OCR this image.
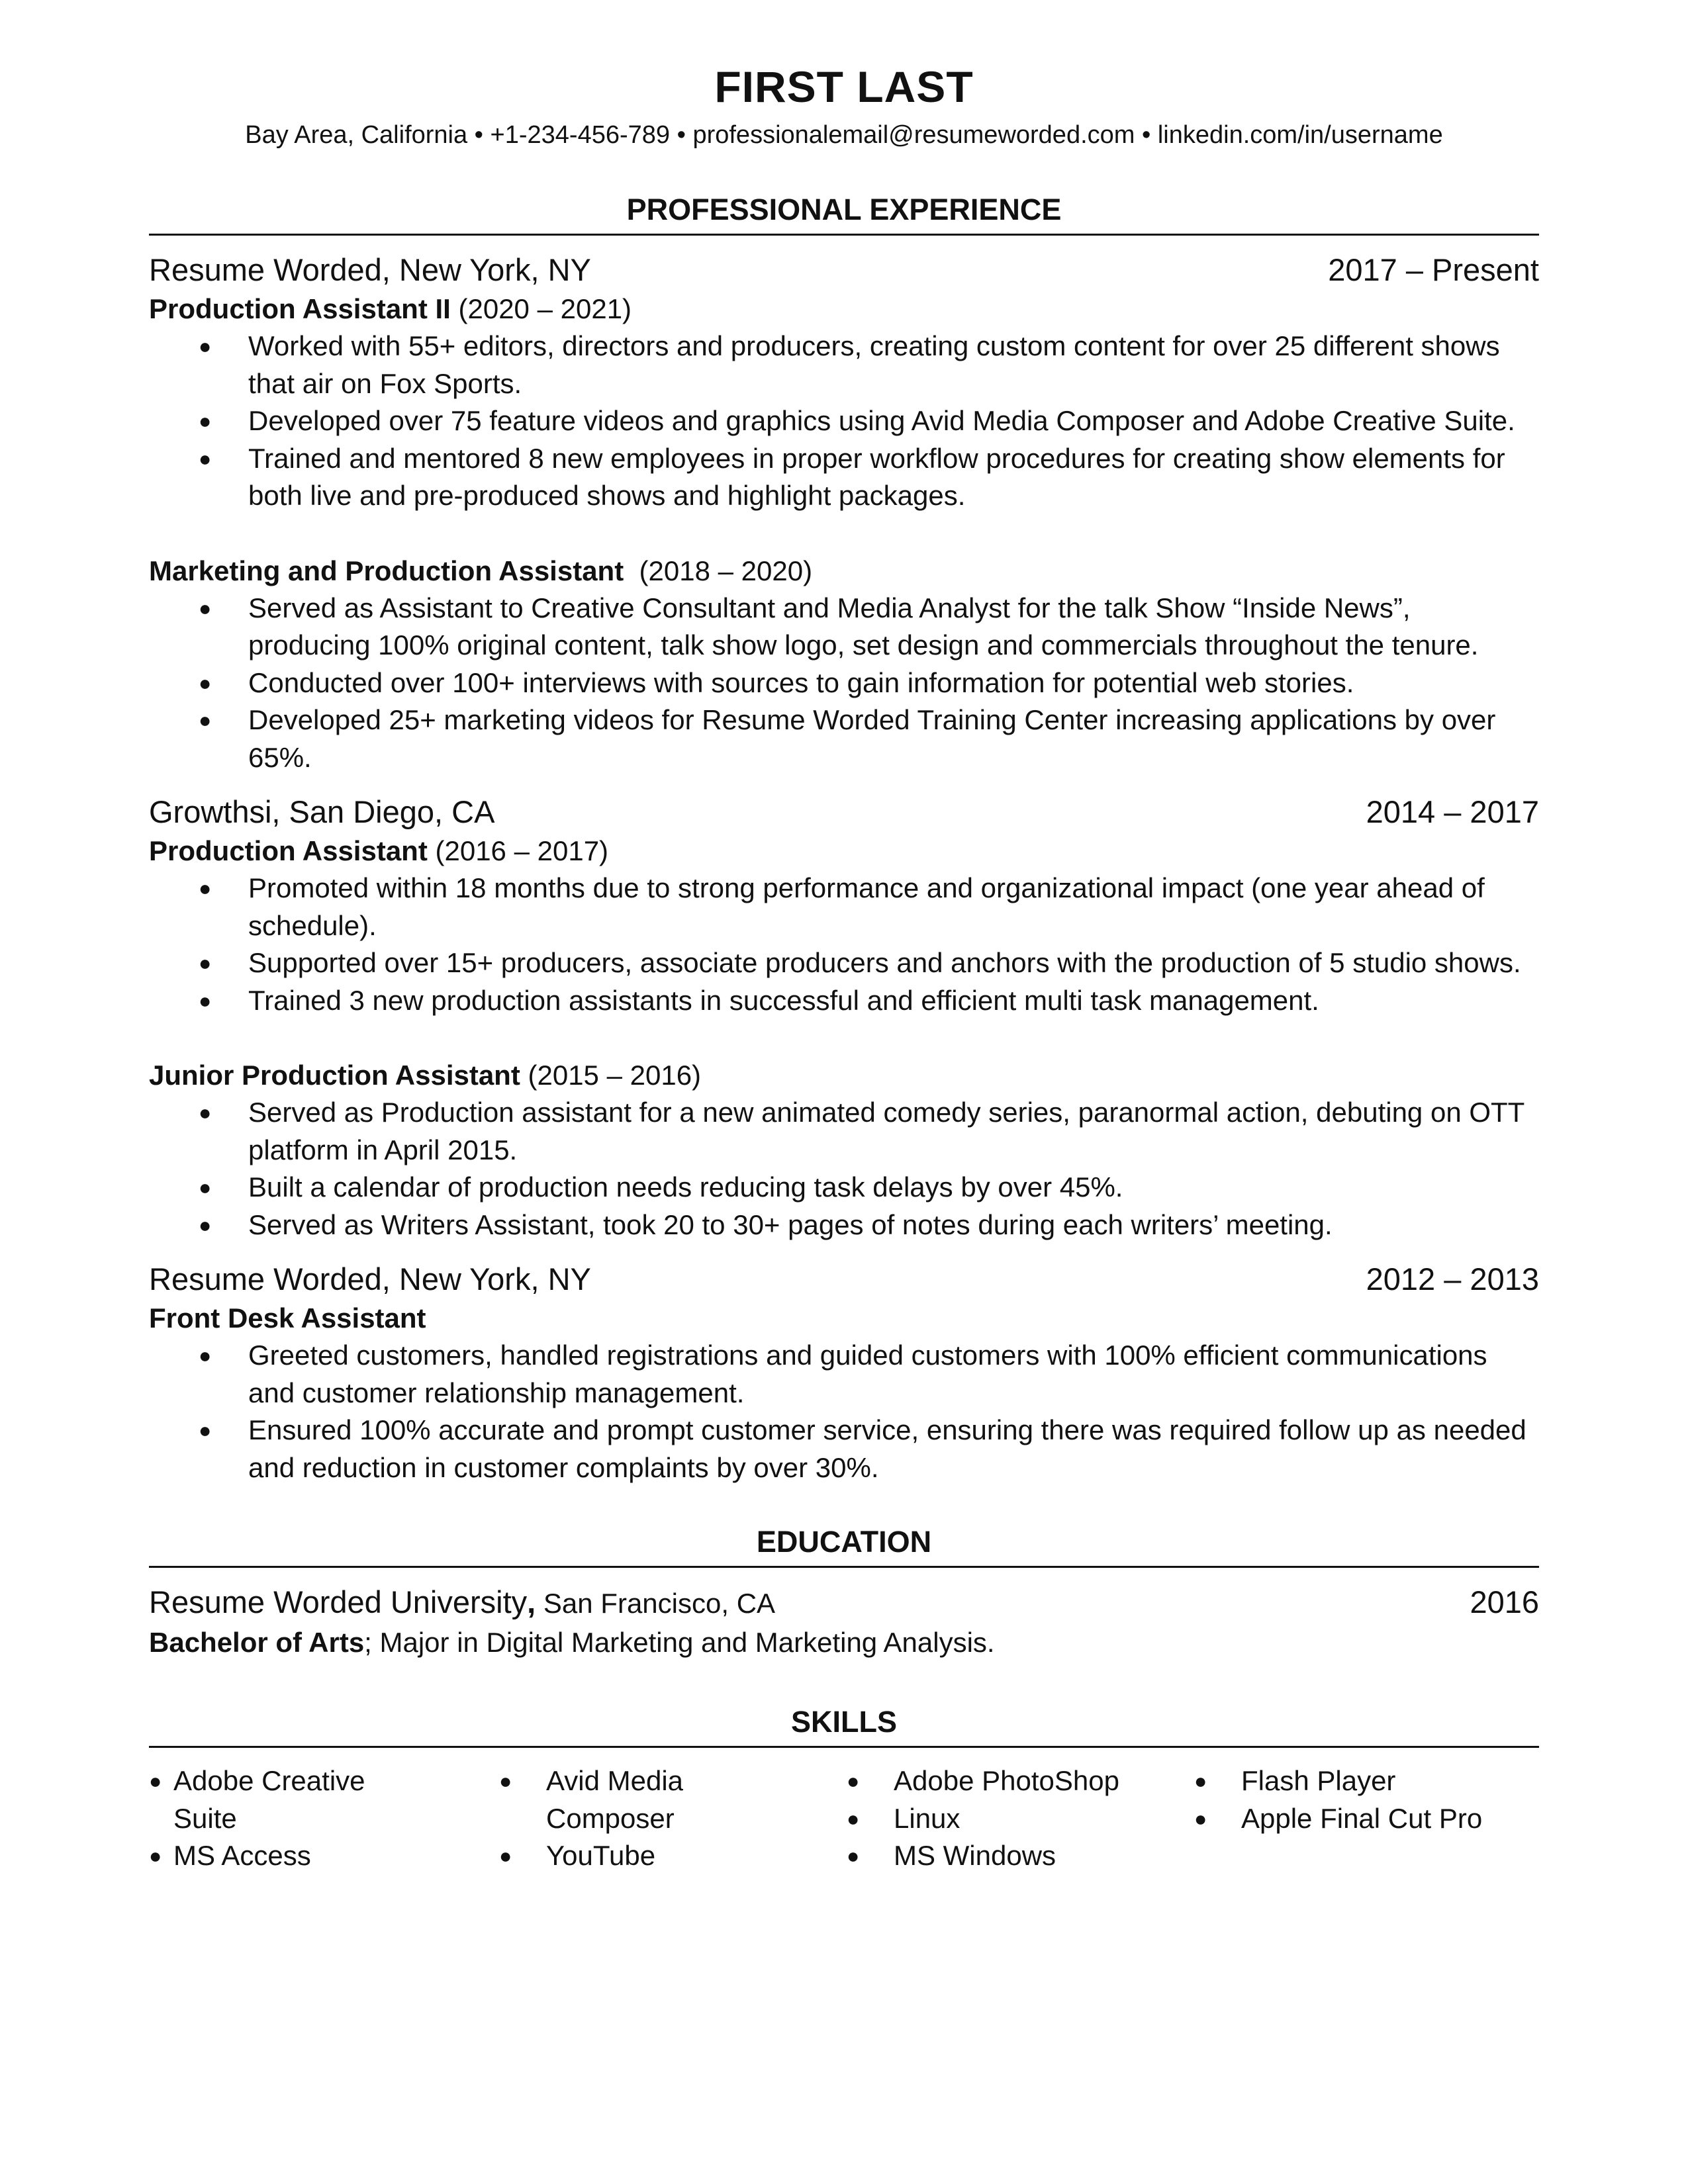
FIRST LAST
Bay Area, California • +1-234-456-789 • professionalemail@resumeworded.com • linkedin.com/in/username
PROFESSIONAL EXPERIENCE
Resume Worded, New York, NY	2017 – Present
Production Assistant II (2020 – 2021)
● Worked with 55+ editors, directors and producers, creating custom content for over 25 different shows that air on Fox Sports.
● Developed over 75 feature videos and graphics using Avid Media Composer and Adobe Creative Suite.
● Trained and mentored 8 new employees in proper workflow procedures for creating show elements for both live and pre-produced shows and highlight packages.
Marketing and Production Assistant  (2018 – 2020)
● Served as Assistant to Creative Consultant and Media Analyst for the talk Show “Inside News”, producing 100% original content, talk show logo, set design and commercials throughout the tenure.
● Conducted over 100+ interviews with sources to gain information for potential web stories.
● Developed 25+ marketing videos for Resume Worded Training Center increasing applications by over 65%.
Growthsi, San Diego, CA	2014 – 2017
Production Assistant (2016 – 2017)
● Promoted within 18 months due to strong performance and organizational impact (one year ahead of schedule).
● Supported over 15+ producers, associate producers and anchors with the production of 5 studio shows.
● Trained 3 new production assistants in successful and efficient multi task management.
Junior Production Assistant (2015 – 2016)
● Served as Production assistant for a new animated comedy series, paranormal action, debuting on OTT platform in April 2015.
● Built a calendar of production needs reducing task delays by over 45%.
● Served as Writers Assistant, took 20 to 30+ pages of notes during each writers’ meeting.
Resume Worded, New York, NY	2012 – 2013
Front Desk Assistant
● Greeted customers, handled registrations and guided customers with 100% efficient communications and customer relationship management.
● Ensured 100% accurate and prompt customer service, ensuring there was required follow up as needed and reduction in customer complaints by over 30%.
EDUCATION
Resume Worded University, San Francisco, CA	2016
Bachelor of Arts; Major in Digital Marketing and Marketing Analysis.
SKILLS
● Adobe Creative Suite
● MS Access
● Avid Media Composer
● YouTube
● Adobe PhotoShop
● Linux
● MS Windows
● Flash Player
● Apple Final Cut Pro
